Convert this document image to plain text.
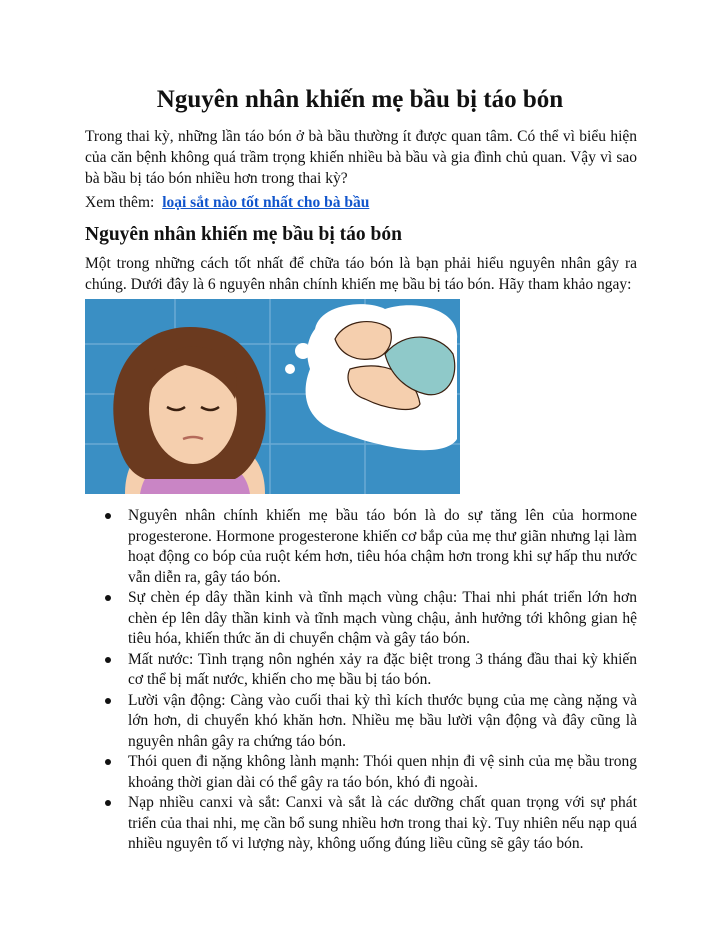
Nguyên nhân khiến mẹ bầu bị táo bón

Trong thai kỳ, những lần táo bón ở bà bầu thường ít được quan tâm. Có thể vì biểu hiện của căn bệnh không quá trầm trọng khiến nhiều bà bầu và gia đình chủ quan. Vậy vì sao bà bầu bị táo bón nhiều hơn trong thai kỳ?

Xem thêm: loại sắt nào tốt nhất cho bà bầu

Nguyên nhân khiến mẹ bầu bị táo bón

Một trong những cách tốt nhất để chữa táo bón là bạn phải hiểu nguyên nhân gây ra chúng. Dưới đây là 6 nguyên nhân chính khiến mẹ bầu bị táo bón. Hãy tham khảo ngay:

Nguyên nhân chính khiến mẹ bầu táo bón là do sự tăng lên của hormone progesterone. Hormone progesterone khiến cơ bắp của mẹ thư giãn nhưng lại làm hoạt động co bóp của ruột kém hơn, tiêu hóa chậm hơn trong khi sự hấp thu nước vẫn diễn ra, gây táo bón.
Sự chèn ép dây thần kinh và tĩnh mạch vùng chậu: Thai nhi phát triển lớn hơn chèn ép lên dây thần kinh và tĩnh mạch vùng chậu, ảnh hưởng tới không gian hệ tiêu hóa, khiến thức ăn di chuyển chậm và gây táo bón.
Mất nước: Tình trạng nôn nghén xảy ra đặc biệt trong 3 tháng đầu thai kỳ khiến cơ thể bị mất nước, khiến cho mẹ bầu bị táo bón.
Lười vận động: Càng vào cuối thai kỳ thì kích thước bụng của mẹ càng nặng và lớn hơn, di chuyển khó khăn hơn. Nhiều mẹ bầu lười vận động và đây cũng là nguyên nhân gây ra chứng táo bón.
Thói quen đi nặng không lành mạnh: Thói quen nhịn đi vệ sinh của mẹ bầu trong khoảng thời gian dài có thể gây ra táo bón, khó đi ngoài.
Nạp nhiều canxi và sắt: Canxi và sắt là các dưỡng chất quan trọng với sự phát triển của thai nhi, mẹ cần bổ sung nhiều hơn trong thai kỳ. Tuy nhiên nếu nạp quá nhiều nguyên tố vi lượng này, không uống đúng liều cũng sẽ gây táo bón.
